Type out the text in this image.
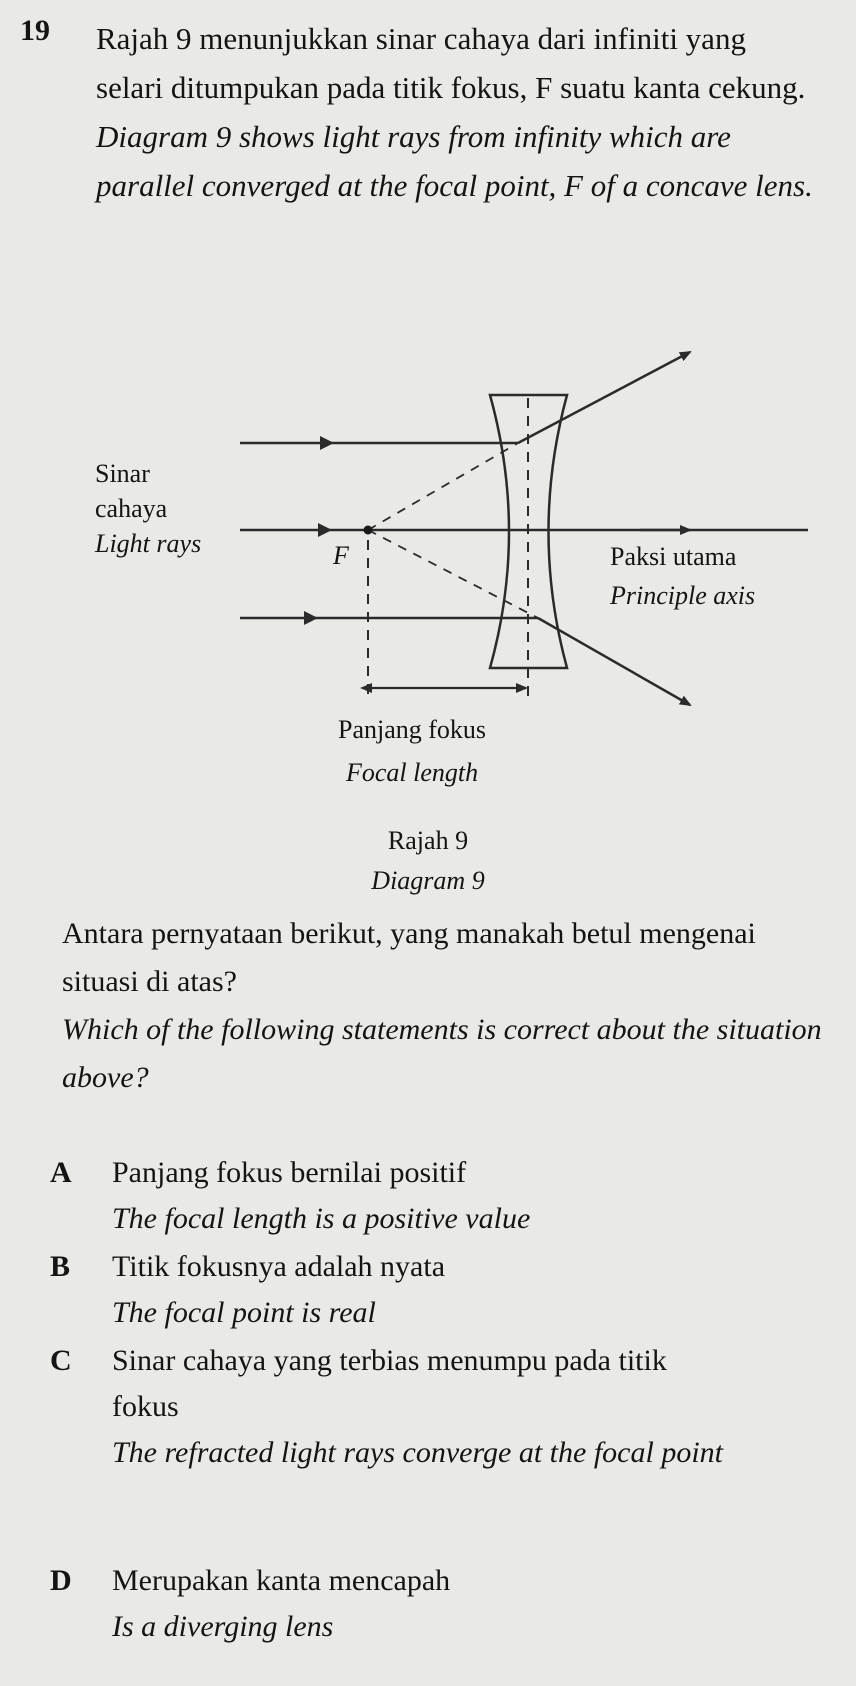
19 Rajah 9 menunjukkan sinar cahaya dari infiniti yang selari ditumpukan pada titik fokus, F suatu kanta cekung.
Diagram 9 shows light rays from infinity which are parallel converged at the focal point, F of a concave lens.
Sinar
cahaya
Light rays	F	Paksi utama
Principle axis
Panjang fokus
Focal length
Rajah 9
Diagram 9
Antara pernyataan berikut, yang manakah betul mengenai situasi di atas?
Which of the following statements is correct about the situation above?
A	Panjang fokus bernilai positif
The focal length is a positive value
B	Titik fokusnya adalah nyata
The focal point is real
C	Sinar cahaya yang terbias menumpu pada titik fokus
The refracted light rays converge at the focal point
D	Merupakan kanta mencapah
Is a diverging lens
